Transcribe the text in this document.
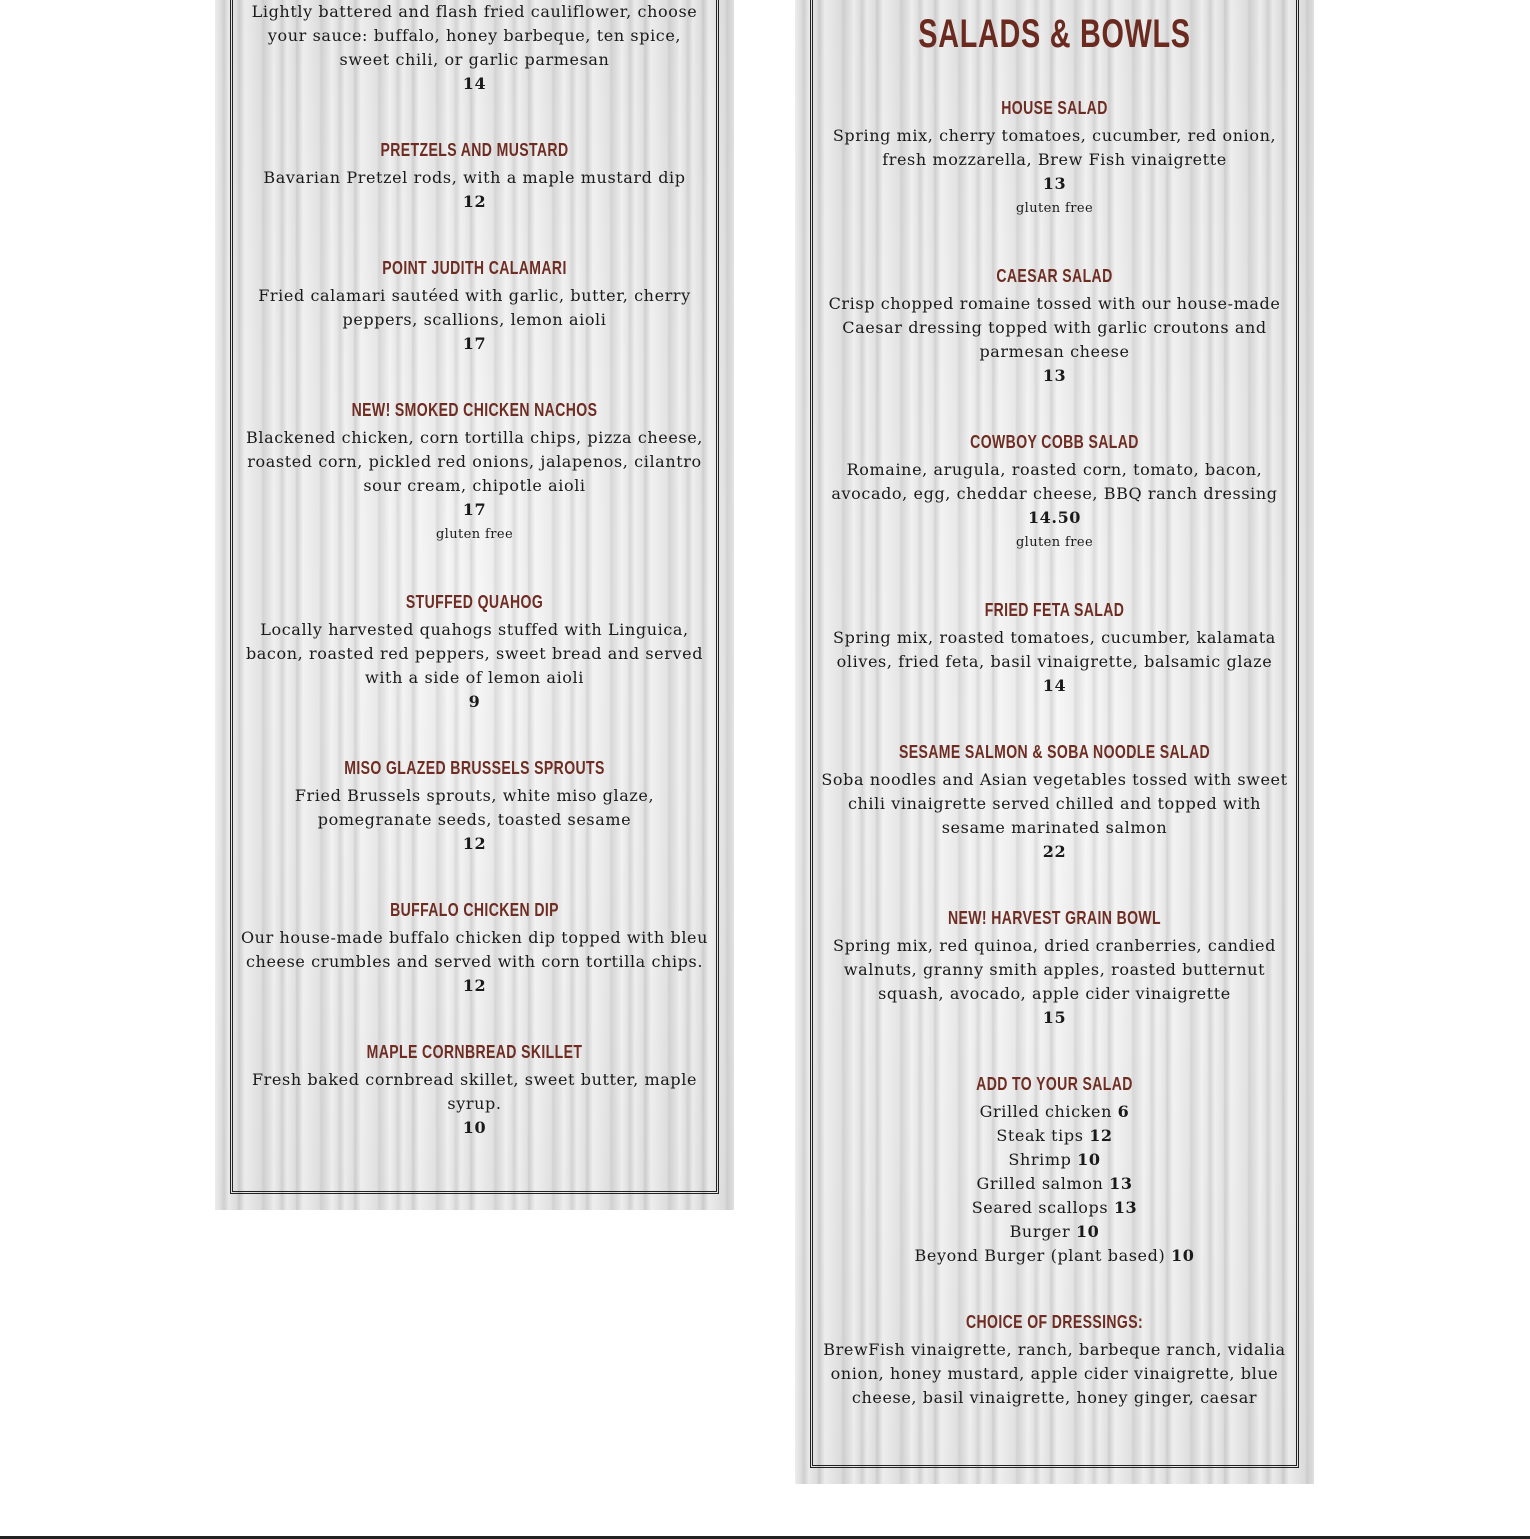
Lightly battered and flash fried cauliflower, choose your sauce: buffalo, honey barbeque, ten spice, sweet chili, or garlic parmesan
14
PRETZELS AND MUSTARD
Bavarian Pretzel rods, with a maple mustard dip
12
POINT JUDITH CALAMARI
Fried calamari sautéed with garlic, butter, cherry peppers, scallions, lemon aioli
17
NEW! SMOKED CHICKEN NACHOS
Blackened chicken, corn tortilla chips, pizza cheese, roasted corn, pickled red onions, jalapenos, cilantro sour cream, chipotle aioli
17
gluten free
STUFFED QUAHOG
Locally harvested quahogs stuffed with Linguica, bacon, roasted red peppers, sweet bread and served with a side of lemon aioli
9
MISO GLAZED BRUSSELS SPROUTS
Fried Brussels sprouts, white miso glaze, pomegranate seeds, toasted sesame
12
BUFFALO CHICKEN DIP
Our house-made buffalo chicken dip topped with bleu cheese crumbles and served with corn tortilla chips.
12
MAPLE CORNBREAD SKILLET
Fresh baked cornbread skillet, sweet butter, maple syrup.
10
SALADS & BOWLS
HOUSE SALAD
Spring mix, cherry tomatoes, cucumber, red onion, fresh mozzarella, Brew Fish vinaigrette
13
gluten free
CAESAR SALAD
Crisp chopped romaine tossed with our house-made Caesar dressing topped with garlic croutons and parmesan cheese
13
COWBOY COBB SALAD
Romaine, arugula, roasted corn, tomato, bacon, avocado, egg, cheddar cheese, BBQ ranch dressing
14.50
gluten free
FRIED FETA SALAD
Spring mix, roasted tomatoes, cucumber, kalamata olives, fried feta, basil vinaigrette, balsamic glaze
14
SESAME SALMON & SOBA NOODLE SALAD
Soba noodles and Asian vegetables tossed with sweet chili vinaigrette served chilled and topped with sesame marinated salmon
22
NEW! HARVEST GRAIN BOWL
Spring mix, red quinoa, dried cranberries, candied walnuts, granny smith apples, roasted butternut squash, avocado, apple cider vinaigrette
15
ADD TO YOUR SALAD
Grilled chicken 6
Steak tips 12
Shrimp 10
Grilled salmon 13
Seared scallops 13
Burger 10
Beyond Burger (plant based) 10
CHOICE OF DRESSINGS:
BrewFish vinaigrette, ranch, barbeque ranch, vidalia onion, honey mustard, apple cider vinaigrette, blue cheese, basil vinaigrette, honey ginger, caesar
